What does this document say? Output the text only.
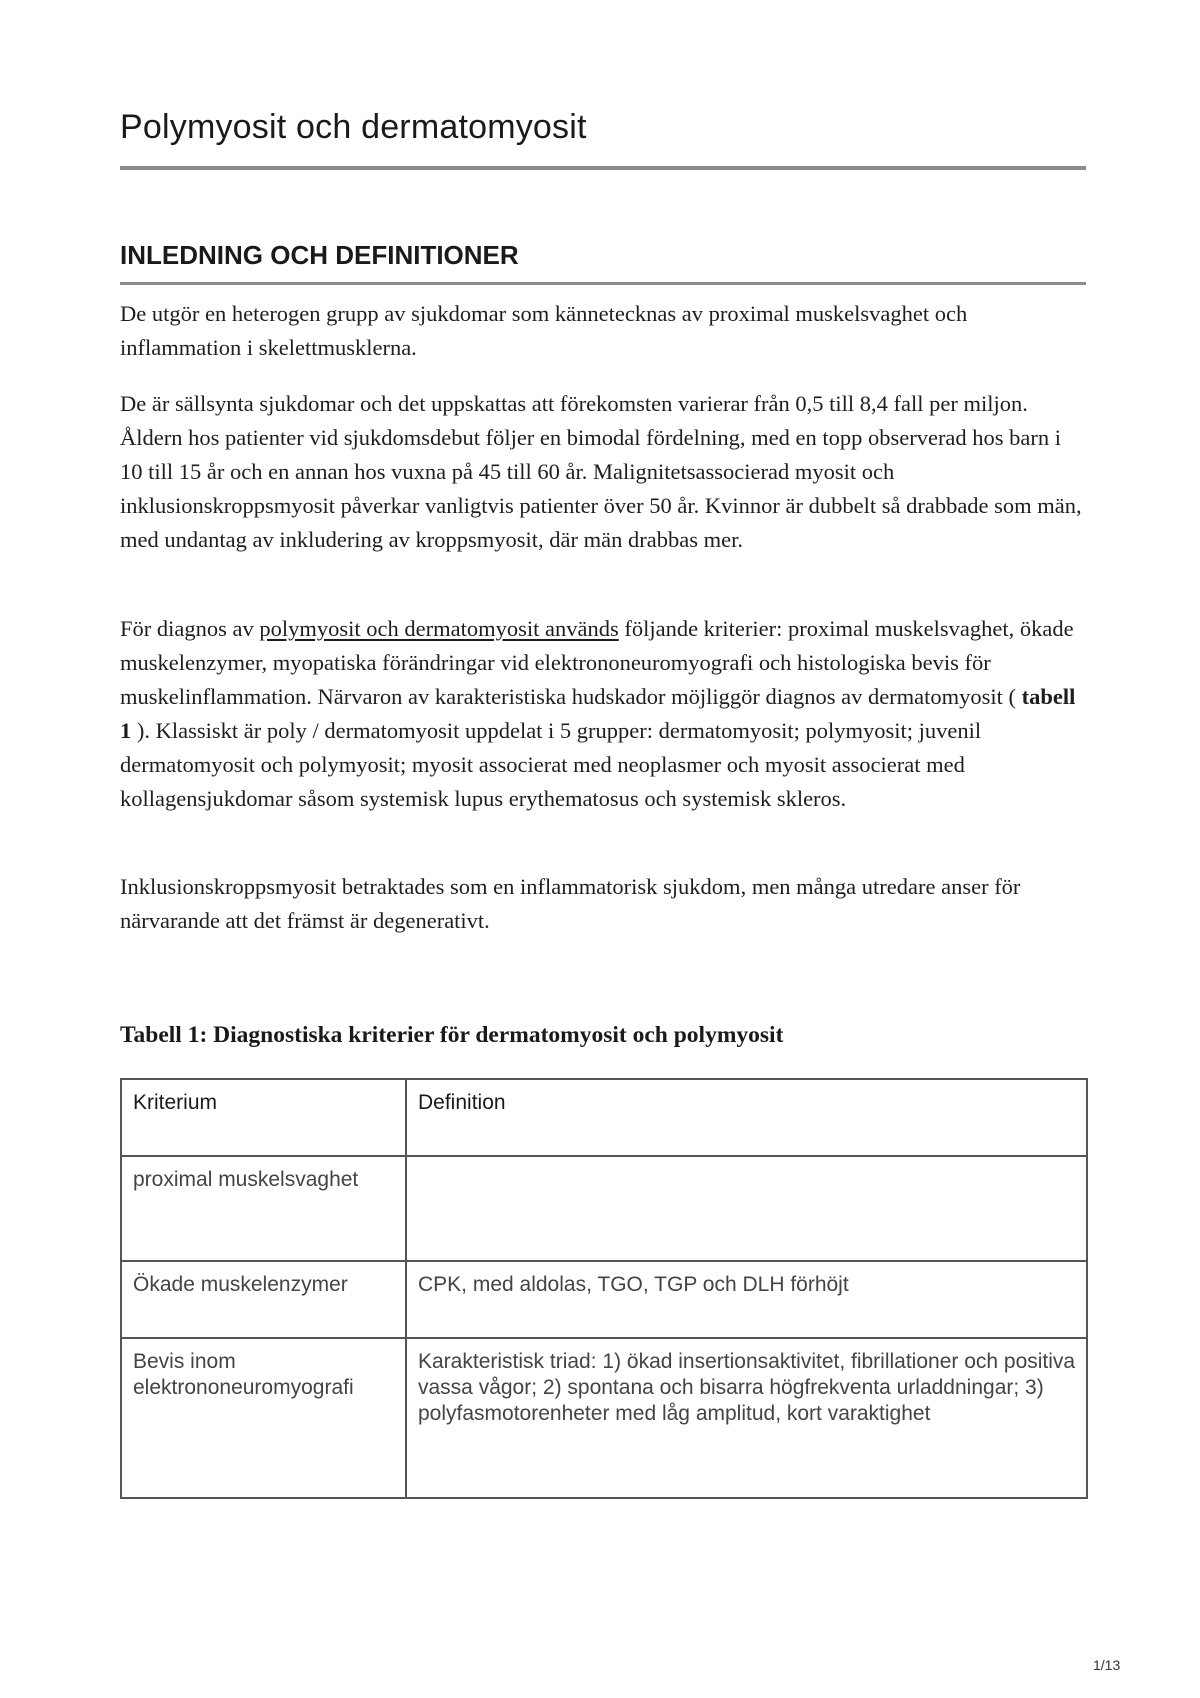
Polymyosit och dermatomyosit
INLEDNING OCH DEFINITIONER

De utgör en heterogen grupp av sjukdomar som kännetecknas av proximal muskelsvaghet och inflammation i skelettmusklerna.

De är sällsynta sjukdomar och det uppskattas att förekomsten varierar från 0,5 till 8,4 fall per miljon. Åldern hos patienter vid sjukdomsdebut följer en bimodal fördelning, med en topp observerad hos barn i 10 till 15 år och en annan hos vuxna på 45 till 60 år. Malignitetsassocierad myosit och inklusionskroppsmyosit påverkar vanligtvis patienter över 50 år. Kvinnor är dubbelt så drabbade som män, med undantag av inkludering av kroppsmyosit, där män drabbas mer.

För diagnos av polymyosit och dermatomyosit används följande kriterier: proximal muskelsvaghet, ökade muskelenzymer, myopatiska förändringar vid elektrononeuromyografi och histologiska bevis för muskelinflammation. Närvaron av karakteristiska hudskador möjliggör diagnos av dermatomyosit ( tabell 1 ). Klassiskt är poly / dermatomyosit uppdelat i 5 grupper: dermatomyosit; polymyosit; juvenil dermatomyosit och polymyosit; myosit associerat med neoplasmer och myosit associerat med kollagensjukdomar såsom systemisk lupus erythematosus och systemisk skleros.

Inklusionskroppsmyosit betraktades som en inflammatorisk sjukdom, men många utredare anser för närvarande att det främst är degenerativt.

Tabell 1: Diagnostiska kriterier för dermatomyosit och polymyosit
Kriterium	Definition
proximal muskelsvaghet	
Ökade muskelenzymer	CPK, med aldolas, TGO, TGP och DLH förhöjt
Bevis inom elektrononeuromyografi	Karakteristisk triad: 1) ökad insertionsaktivitet, fibrillationer och positiva vassa vågor; 2) spontana och bisarra högfrekventa urladdningar; 3) polyfasmotorenheter med låg amplitud, kort varaktighet
1/13
